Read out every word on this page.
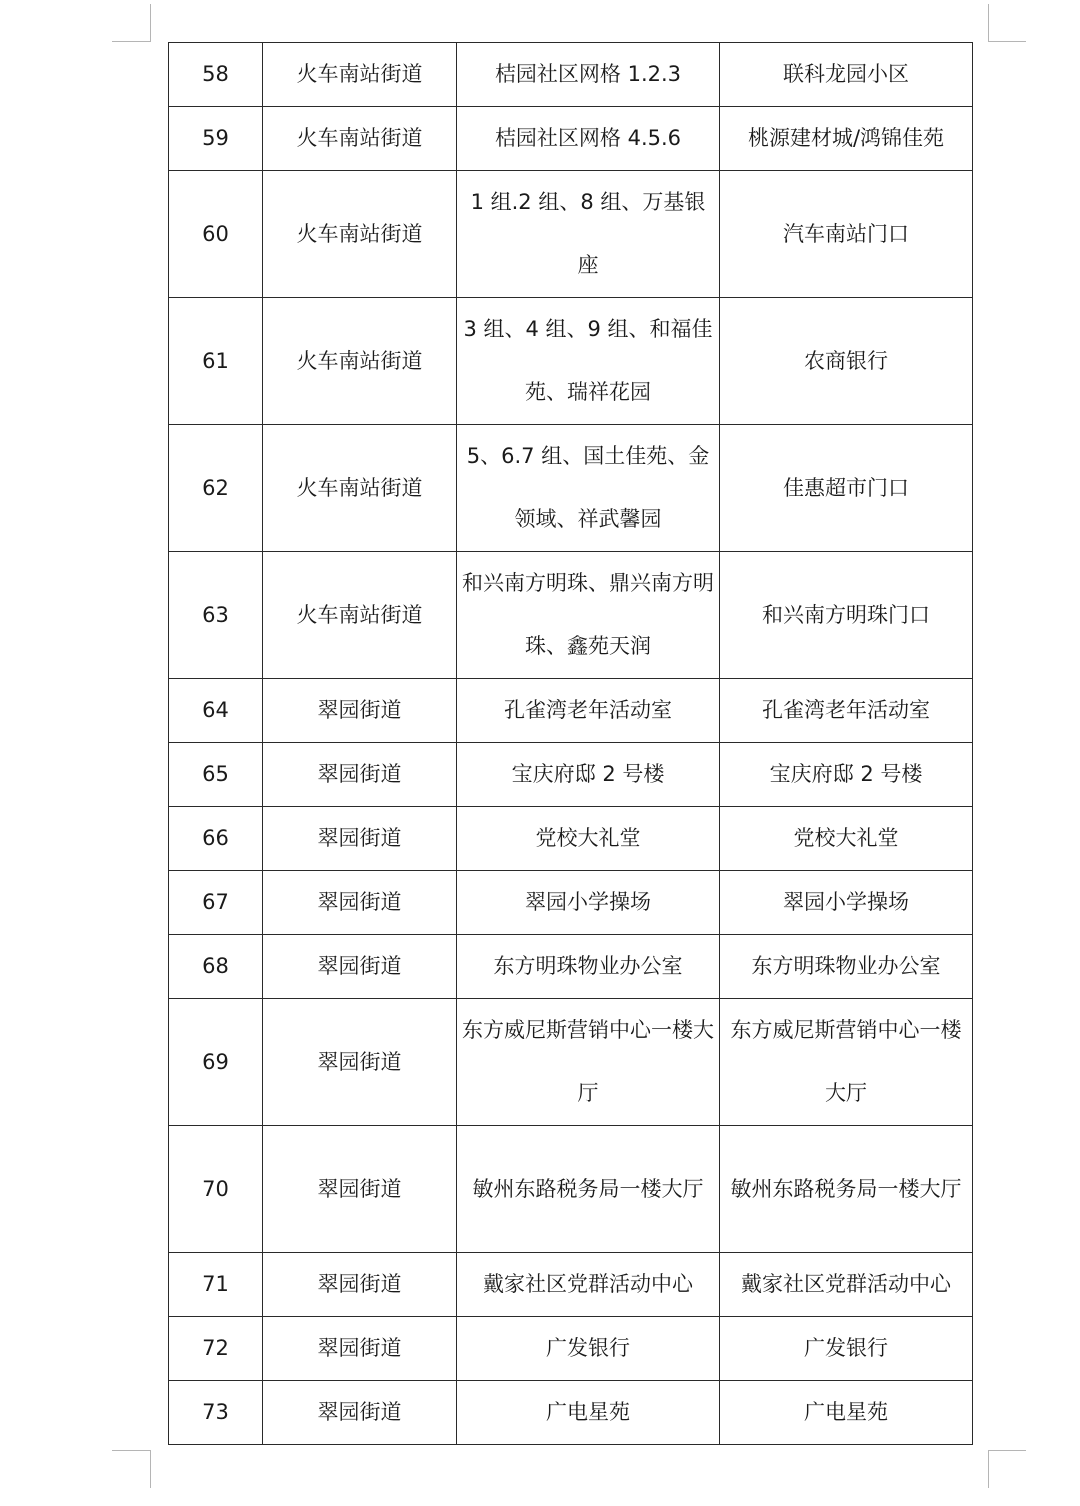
58	火车南站街道	桔园社区网格 1.2.3	联科龙园小区
59	火车南站街道	桔园社区网格 4.5.6	桃源建材城/鸿锦佳苑
60	火车南站街道	1 组.2 组、8 组、万基银座	汽车南站门口
61	火车南站街道	3 组、4 组、9 组、和福佳苑、瑞祥花园	农商银行
62	火车南站街道	5、6.7 组、国土佳苑、金领域、祥武馨园	佳惠超市门口
63	火车南站街道	和兴南方明珠、鼎兴南方明珠、鑫苑天润	和兴南方明珠门口
64	翠园街道	孔雀湾老年活动室	孔雀湾老年活动室
65	翠园街道	宝庆府邸 2 号楼	宝庆府邸 2 号楼
66	翠园街道	党校大礼堂	党校大礼堂
67	翠园街道	翠园小学操场	翠园小学操场
68	翠园街道	东方明珠物业办公室	东方明珠物业办公室
69	翠园街道	东方威尼斯营销中心一楼大厅	东方威尼斯营销中心一楼大厅
70	翠园街道	敏州东路税务局一楼大厅	敏州东路税务局一楼大厅
71	翠园街道	戴家社区党群活动中心	戴家社区党群活动中心
72	翠园街道	广发银行	广发银行
73	翠园街道	广电星苑	广电星苑
